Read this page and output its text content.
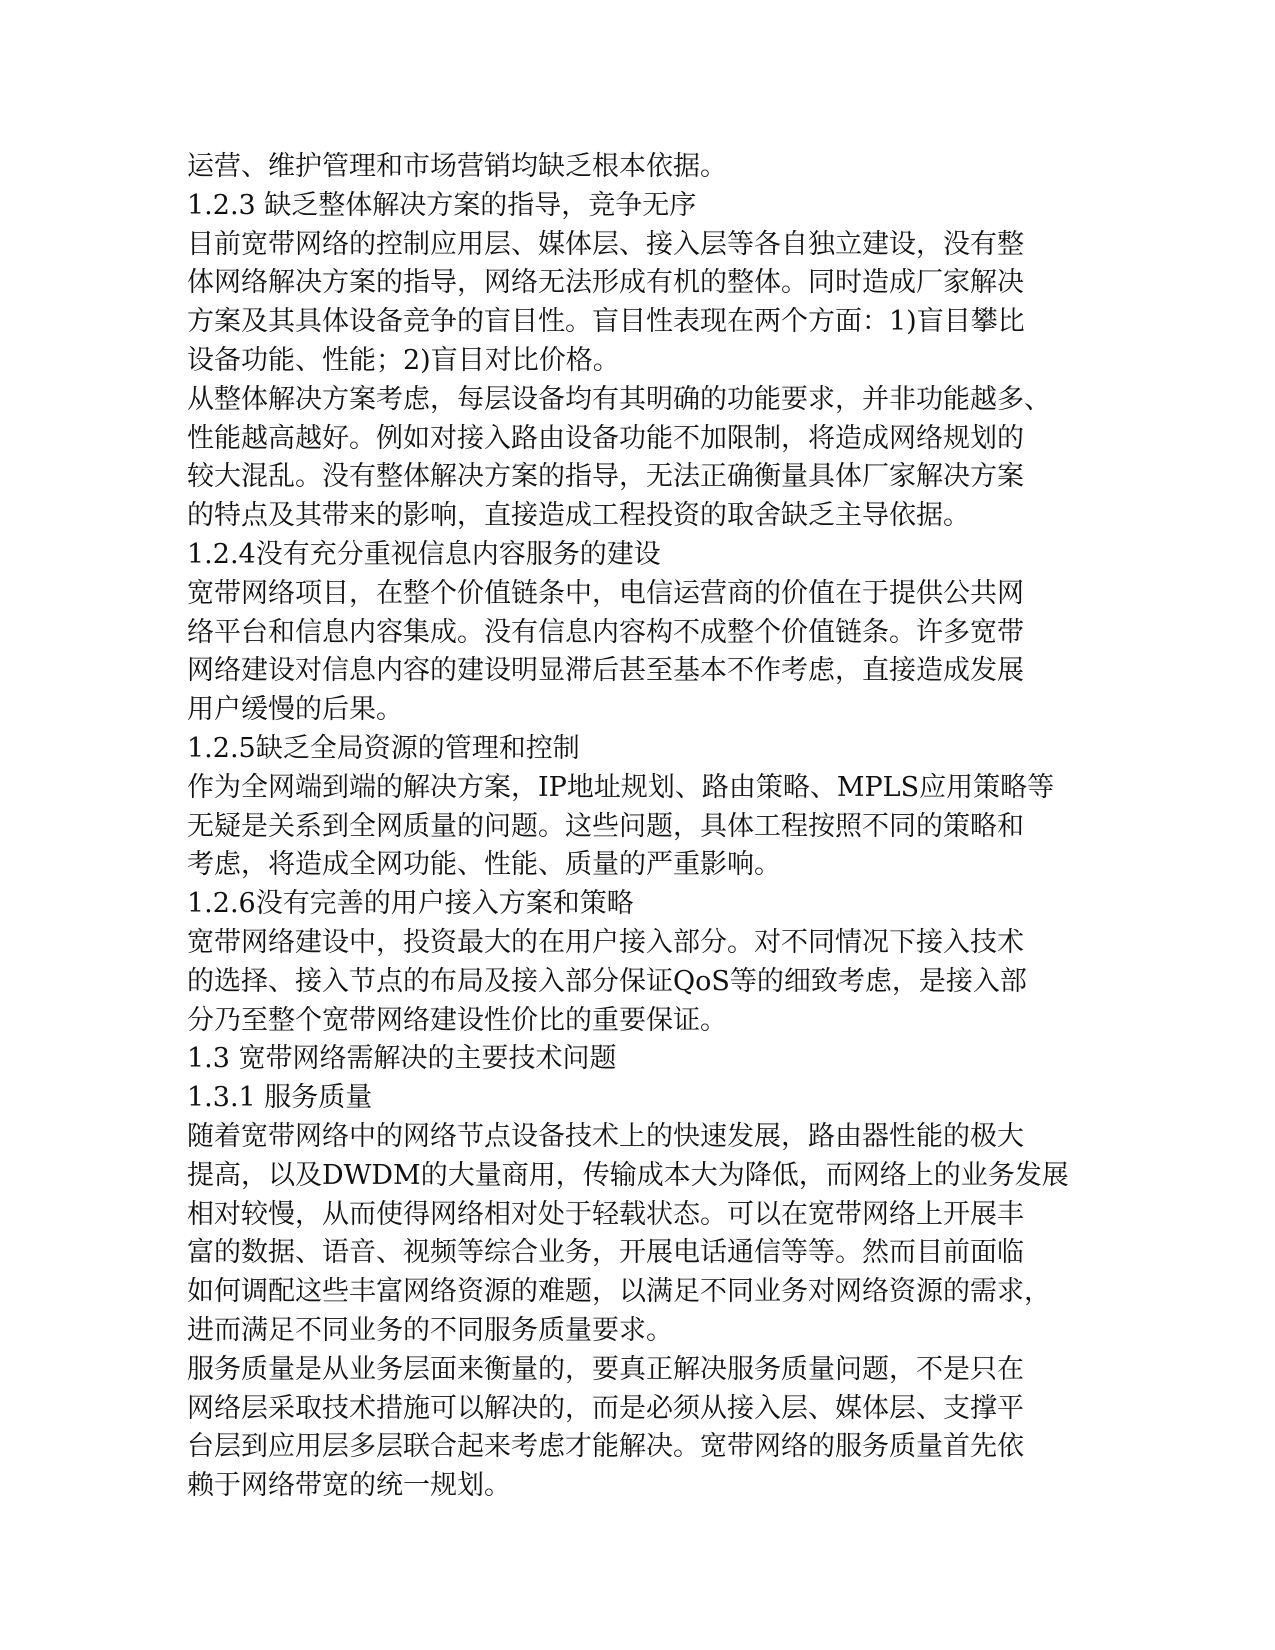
运营、维护管理和市场营销均缺乏根本依据。
1.2.3 缺乏整体解决方案的指导，竞争无序
目前宽带网络的控制应用层、媒体层、接入层等各自独立建设，没有整
体网络解决方案的指导，网络无法形成有机的整体。同时造成厂家解决
方案及其具体设备竞争的盲目性。盲目性表现在两个方面：1)盲目攀比
设备功能、性能；2)盲目对比价格。
从整体解决方案考虑，每层设备均有其明确的功能要求，并非功能越多、
性能越高越好。例如对接入路由设备功能不加限制，将造成网络规划的
较大混乱。没有整体解决方案的指导，无法正确衡量具体厂家解决方案
的特点及其带来的影响，直接造成工程投资的取舍缺乏主导依据。
1.2.4没有充分重视信息内容服务的建设
宽带网络项目，在整个价值链条中，电信运营商的价值在于提供公共网
络平台和信息内容集成。没有信息内容构不成整个价值链条。许多宽带
网络建设对信息内容的建设明显滞后甚至基本不作考虑，直接造成发展
用户缓慢的后果。
1.2.5缺乏全局资源的管理和控制
作为全网端到端的解决方案，IP地址规划、路由策略、MPLS应用策略等
无疑是关系到全网质量的问题。这些问题，具体工程按照不同的策略和
考虑，将造成全网功能、性能、质量的严重影响。
1.2.6没有完善的用户接入方案和策略
宽带网络建设中，投资最大的在用户接入部分。对不同情况下接入技术
的选择、接入节点的布局及接入部分保证QoS等的细致考虑，是接入部
分乃至整个宽带网络建设性价比的重要保证。
1.3 宽带网络需解决的主要技术问题
1.3.1 服务质量
随着宽带网络中的网络节点设备技术上的快速发展，路由器性能的极大
提高，以及DWDM的大量商用，传输成本大为降低，而网络上的业务发展
相对较慢，从而使得网络相对处于轻载状态。可以在宽带网络上开展丰
富的数据、语音、视频等综合业务，开展电话通信等等。然而目前面临
如何调配这些丰富网络资源的难题，以满足不同业务对网络资源的需求，
进而满足不同业务的不同服务质量要求。
服务质量是从业务层面来衡量的，要真正解决服务质量问题，不是只在
网络层采取技术措施可以解决的，而是必须从接入层、媒体层、支撑平
台层到应用层多层联合起来考虑才能解决。宽带网络的服务质量首先依
赖于网络带宽的统一规划。
